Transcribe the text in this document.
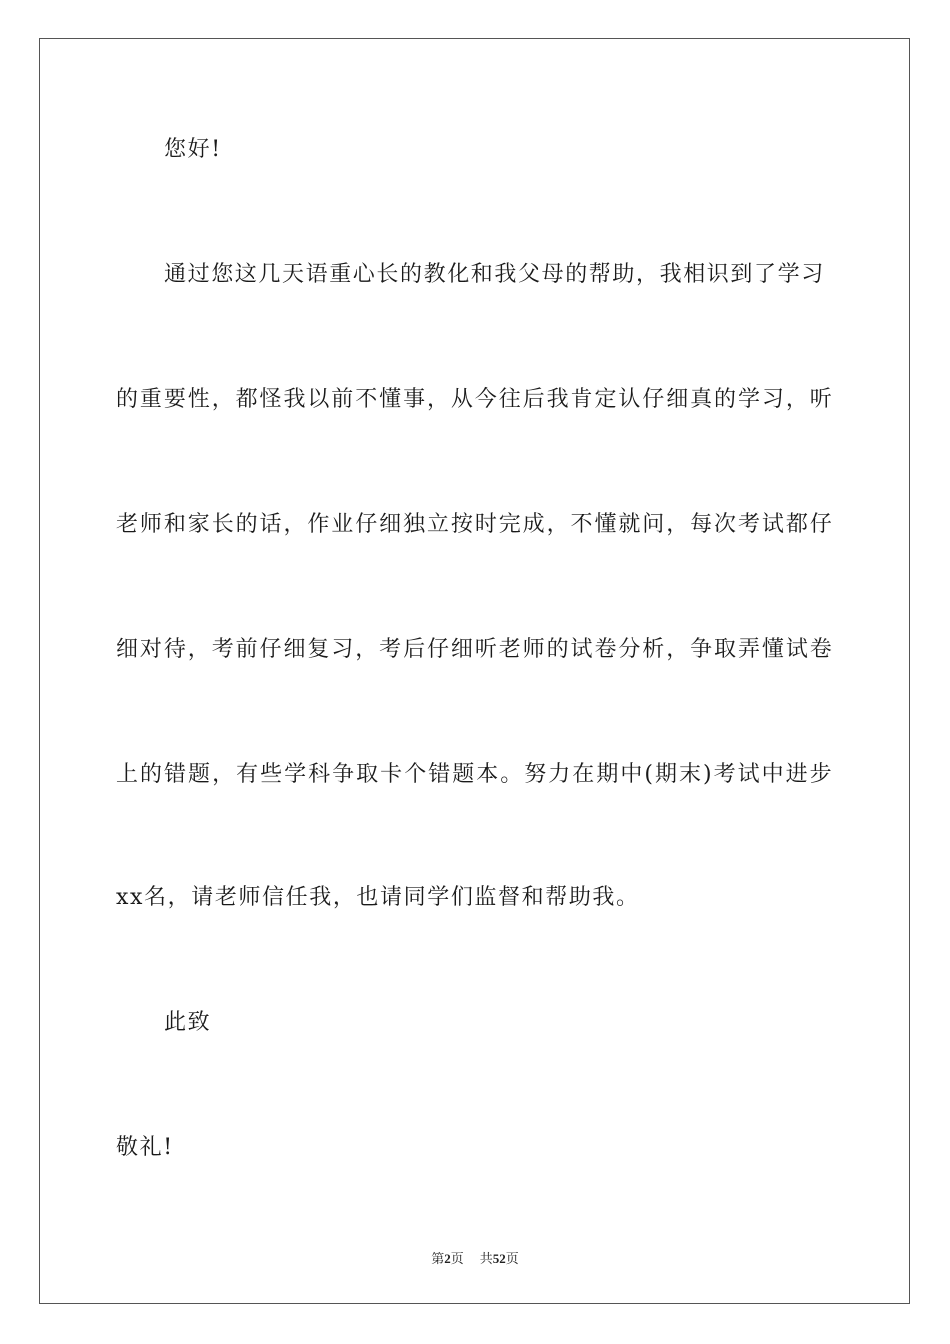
您好!
通过您这几天语重心长的教化和我父母的帮助，我相识到了学习
的 重 要 性 ， 都 怪 我 以 前 不 懂 事 ， 从 今 往 后 我 肯 定 认 仔 细 真 的 学 习 ， 听
老 师 和 家 长 的 话 ， 作 业 仔 细 独 立 按 时 完 成 ， 不 懂 就 问 ， 每 次 考 试 都 仔
细 对 待 ， 考 前 仔 细 复 习 ， 考 后 仔 细 听 老 师 的 试 卷 分 析 ， 争 取 弄 懂 试 卷
上 的 错 题 ， 有 些 学 科 争 取 卡 个 错 题 本 。 努 力 在 期 中 ( 期 末 ) 考 试 中 进 步
xx名，请老师信任我，也请同学们监督和帮助我。
此致
敬礼!
第2页 共52页
